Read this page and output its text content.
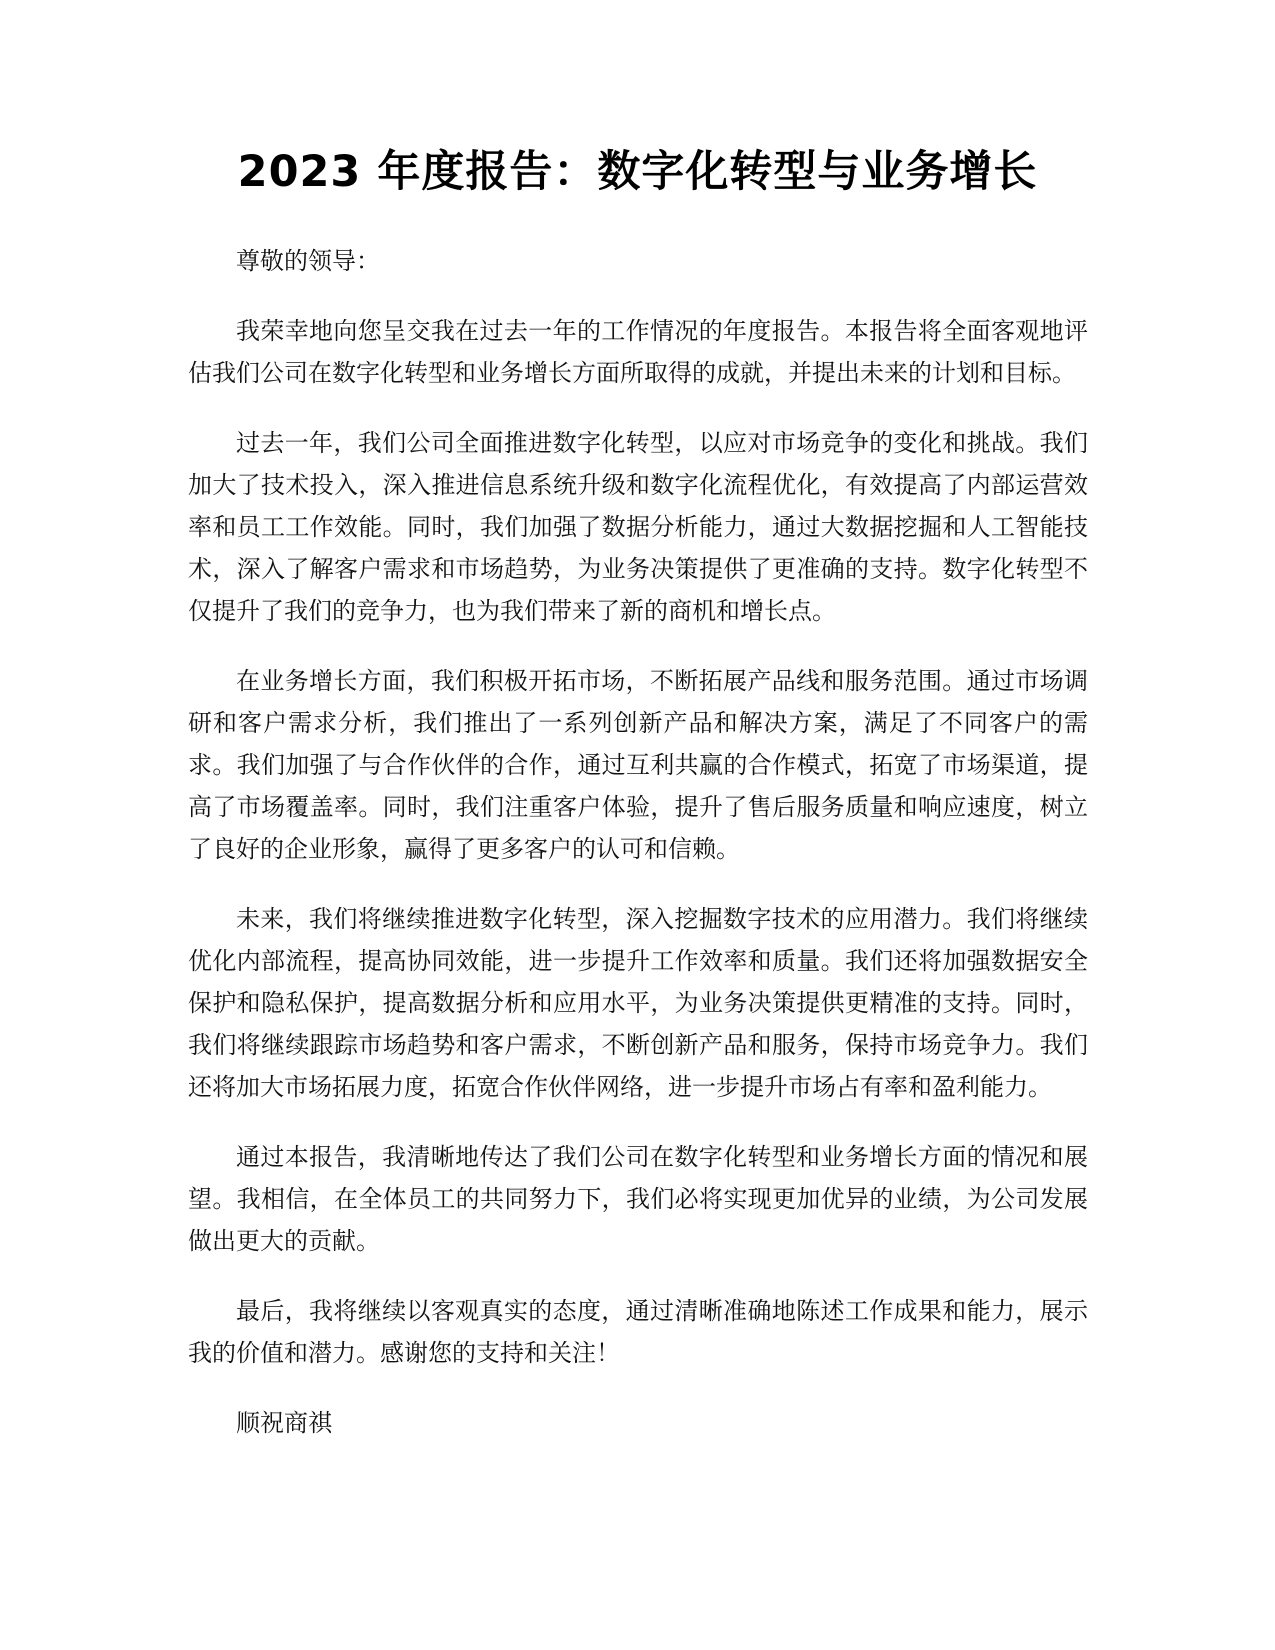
2023 年度报告：数字化转型与业务增长

尊敬的领导：

我荣幸地向您呈交我在过去一年的工作情况的年度报告。本报告将全面客观地评估我们公司在数字化转型和业务增长方面所取得的成就，并提出未来的计划和目标。

过去一年，我们公司全面推进数字化转型，以应对市场竞争的变化和挑战。我们加大了技术投入，深入推进信息系统升级和数字化流程优化，有效提高了内部运营效率和员工工作效能。同时，我们加强了数据分析能力，通过大数据挖掘和人工智能技术，深入了解客户需求和市场趋势，为业务决策提供了更准确的支持。数字化转型不仅提升了我们的竞争力，也为我们带来了新的商机和增长点。

在业务增长方面，我们积极开拓市场，不断拓展产品线和服务范围。通过市场调研和客户需求分析，我们推出了一系列创新产品和解决方案，满足了不同客户的需求。我们加强了与合作伙伴的合作，通过互利共赢的合作模式，拓宽了市场渠道，提高了市场覆盖率。同时，我们注重客户体验，提升了售后服务质量和响应速度，树立了良好的企业形象，赢得了更多客户的认可和信赖。

未来，我们将继续推进数字化转型，深入挖掘数字技术的应用潜力。我们将继续优化内部流程，提高协同效能，进一步提升工作效率和质量。我们还将加强数据安全保护和隐私保护，提高数据分析和应用水平，为业务决策提供更精准的支持。同时，我们将继续跟踪市场趋势和客户需求，不断创新产品和服务，保持市场竞争力。我们还将加大市场拓展力度，拓宽合作伙伴网络，进一步提升市场占有率和盈利能力。

通过本报告，我清晰地传达了我们公司在数字化转型和业务增长方面的情况和展望。我相信，在全体员工的共同努力下，我们必将实现更加优异的业绩，为公司发展做出更大的贡献。

最后，我将继续以客观真实的态度，通过清晰准确地陈述工作成果和能力，展示我的价值和潜力。感谢您的支持和关注！

顺祝商祺
